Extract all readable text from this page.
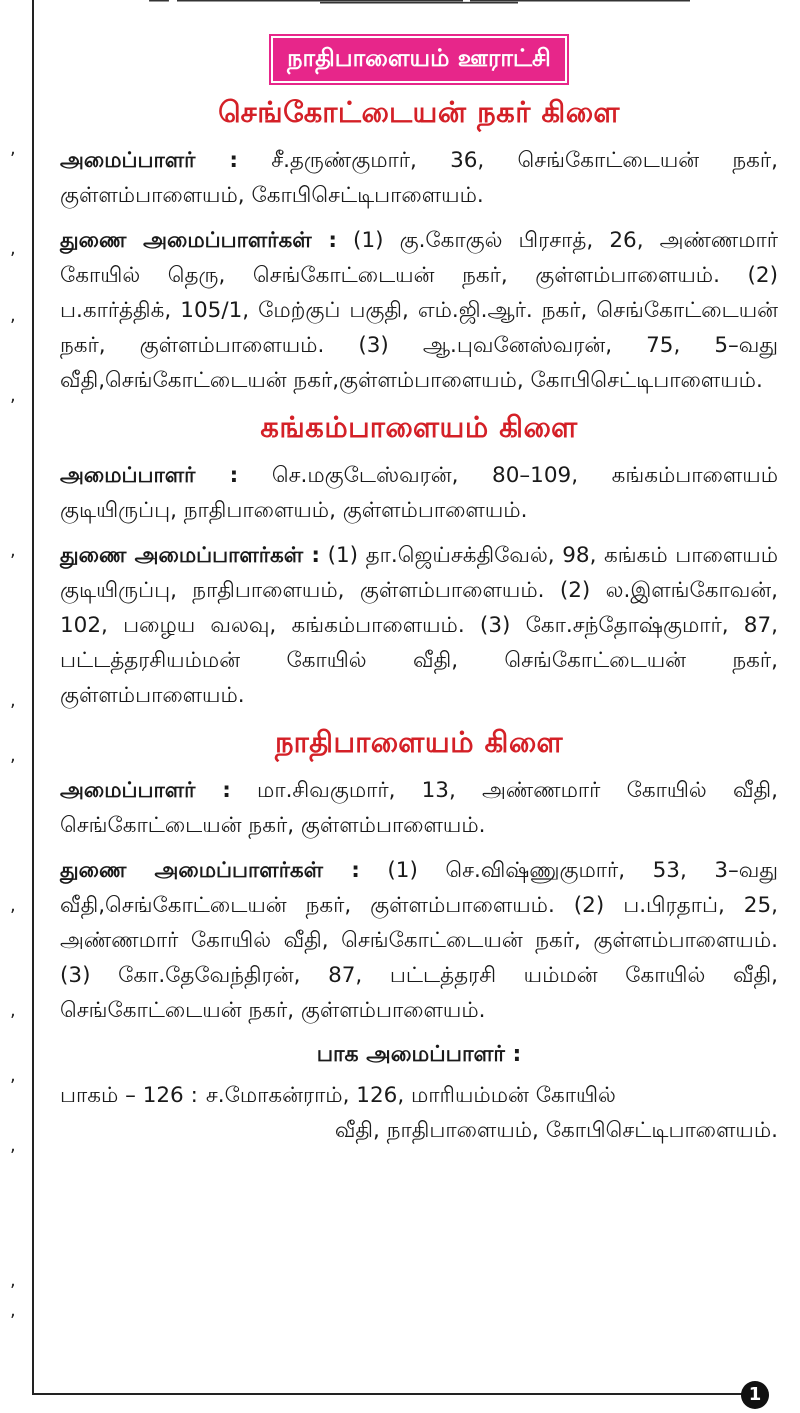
,
,
,
,
,
,
,
,
,
,
,
,
,
— ――――――――――――― ―――――――――― ―――――――――
நாதிபாளையம் ஊராட்சி
செங்கோட்டையன் நகர் கிளை

அமைப்பாளர் : சீ.தருண்குமார், 36, செங்கோட்டையன் நகர், குள்ளம்பாளையம், கோபிசெட்டிபாளையம்.

துணை அமைப்பாளர்கள் : (1) கு.கோகுல் பிரசாத், 26, அண்ணமார் கோயில் தெரு, செங்கோட்டையன் நகர், குள்ளம்பாளையம். (2) ப.கார்த்திக், 105/1, மேற்குப் பகுதி, எம்.ஜி.ஆர். நகர், செங்கோட்டையன் நகர், குள்ளம்பாளையம். (3) ஆ.புவனேஸ்வரன், 75, 5–வது வீதி,செங்கோட்டையன் நகர்,குள்ளம்பாளையம், கோபிசெட்டிபாளையம்.

கங்கம்பாளையம் கிளை

அமைப்பாளர் : செ.மகுடேஸ்வரன், 80–109, கங்கம்பாளையம் குடியிருப்பு, நாதிபாளையம், குள்ளம்பாளையம்.

துணை அமைப்பாளர்கள் : (1) தா.ஜெய்சக்திவேல், 98, கங்கம் பாளையம் குடியிருப்பு, நாதிபாளையம், குள்ளம்பாளையம். (2) ல.இளங்கோவன், 102, பழைய வலவு, கங்கம்பாளையம். (3) கோ.சந்தோஷ்குமார், 87, பட்டத்தரசியம்மன் கோயில் வீதி, செங்கோட்டையன் நகர், குள்ளம்பாளையம்.

நாதிபாளையம் கிளை

அமைப்பாளர் : மா.சிவகுமார், 13, அண்ணமார் கோயில் வீதி, செங்கோட்டையன் நகர், குள்ளம்பாளையம்.

துணை அமைப்பாளர்கள் : (1) செ.விஷ்ணுகுமார், 53, 3–வது வீதி,செங்கோட்டையன் நகர், குள்ளம்பாளையம். (2) ப.பிரதாப், 25, அண்ணமார் கோயில் வீதி, செங்கோட்டையன் நகர், குள்ளம்பாளையம். (3) கோ.தேவேந்திரன், 87, பட்டத்தரசி யம்மன் கோயில் வீதி, செங்கோட்டையன் நகர், குள்ளம்பாளையம்.

பாக அமைப்பாளர் :
பாகம் – 126 : ச.மோகன்ராம், 126, மாரியம்மன் கோயில்
வீதி, நாதிபாளையம், கோபிசெட்டிபாளையம்.
1
